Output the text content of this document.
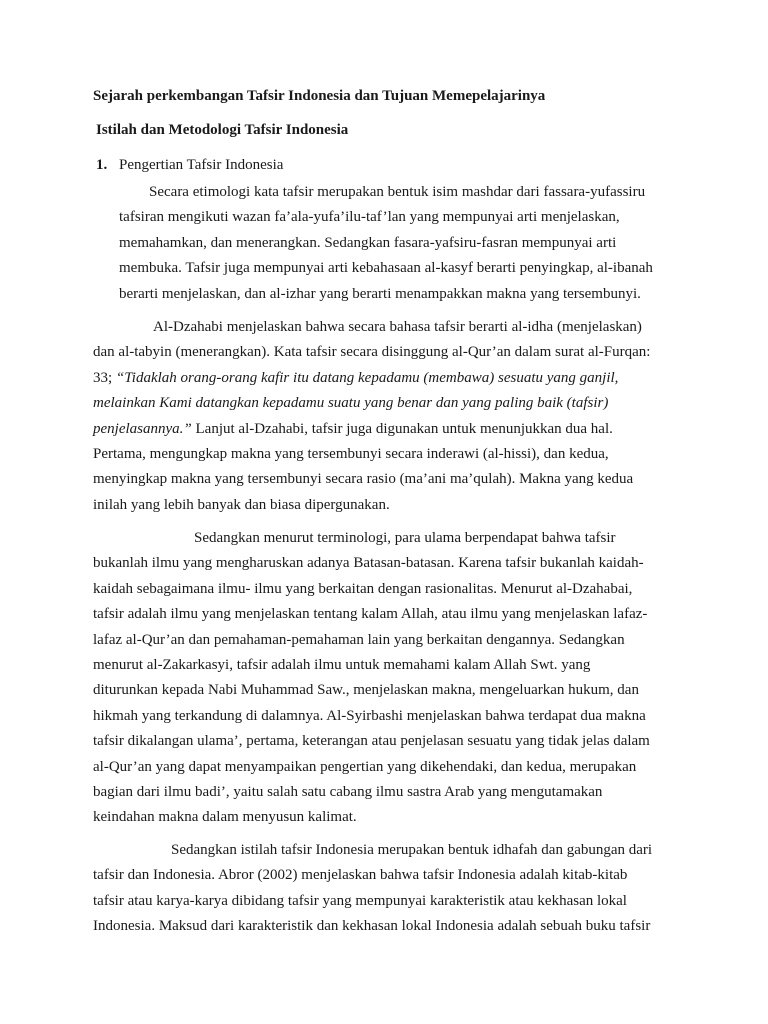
Sejarah perkembangan Tafsir Indonesia dan Tujuan Memepelajarinya
Istilah dan Metodologi Tafsir Indonesia
1. Pengertian Tafsir Indonesia
Secara etimologi kata tafsir merupakan bentuk isim mashdar dari fassara-yufassiru
tafsiran mengikuti wazan fa’ala-yufa’ilu-taf’lan yang mempunyai arti menjelaskan,
memahamkan, dan menerangkan. Sedangkan fasara-yafsiru-fasran mempunyai arti
membuka. Tafsir juga mempunyai arti kebahasaan al-kasyf berarti penyingkap, al-ibanah
berarti menjelaskan, dan al-izhar yang berarti menampakkan makna yang tersembunyi.
Al-Dzahabi menjelaskan bahwa secara bahasa tafsir berarti al-idha (menjelaskan)
dan al-tabyin (menerangkan). Kata tafsir secara disinggung al-Qur’an dalam surat al-Furqan:
33; “Tidaklah orang-orang kafir itu datang kepadamu (membawa) sesuatu yang ganjil,
melainkan Kami datangkan kepadamu suatu yang benar dan yang paling baik (tafsir)
penjelasannya.” Lanjut al-Dzahabi, tafsir juga digunakan untuk menunjukkan dua hal.
Pertama, mengungkap makna yang tersembunyi secara inderawi (al-hissi), dan kedua,
menyingkap makna yang tersembunyi secara rasio (ma’ani ma’qulah). Makna yang kedua
inilah yang lebih banyak dan biasa dipergunakan.
Sedangkan menurut terminologi, para ulama berpendapat bahwa tafsir
bukanlah ilmu yang mengharuskan adanya Batasan-batasan. Karena tafsir bukanlah kaidah-
kaidah sebagaimana ilmu- ilmu yang berkaitan dengan rasionalitas. Menurut al-Dzahabai,
tafsir adalah ilmu yang menjelaskan tentang kalam Allah, atau ilmu yang menjelaskan lafaz-
lafaz al-Qur’an dan pemahaman-pemahaman lain yang berkaitan dengannya. Sedangkan
menurut al-Zakarkasyi, tafsir adalah ilmu untuk memahami kalam Allah Swt. yang
diturunkan kepada Nabi Muhammad Saw., menjelaskan makna, mengeluarkan hukum, dan
hikmah yang terkandung di dalamnya. Al-Syirbashi menjelaskan bahwa terdapat dua makna
tafsir dikalangan ulama’, pertama, keterangan atau penjelasan sesuatu yang tidak jelas dalam
al-Qur’an yang dapat menyampaikan pengertian yang dikehendaki, dan kedua, merupakan
bagian dari ilmu badi’, yaitu salah satu cabang ilmu sastra Arab yang mengutamakan
keindahan makna dalam menyusun kalimat.
Sedangkan istilah tafsir Indonesia merupakan bentuk idhafah dan gabungan dari
tafsir dan Indonesia. Abror (2002) menjelaskan bahwa tafsir Indonesia adalah kitab-kitab
tafsir atau karya-karya dibidang tafsir yang mempunyai karakteristik atau kekhasan lokal
Indonesia. Maksud dari karakteristik dan kekhasan lokal Indonesia adalah sebuah buku tafsir
